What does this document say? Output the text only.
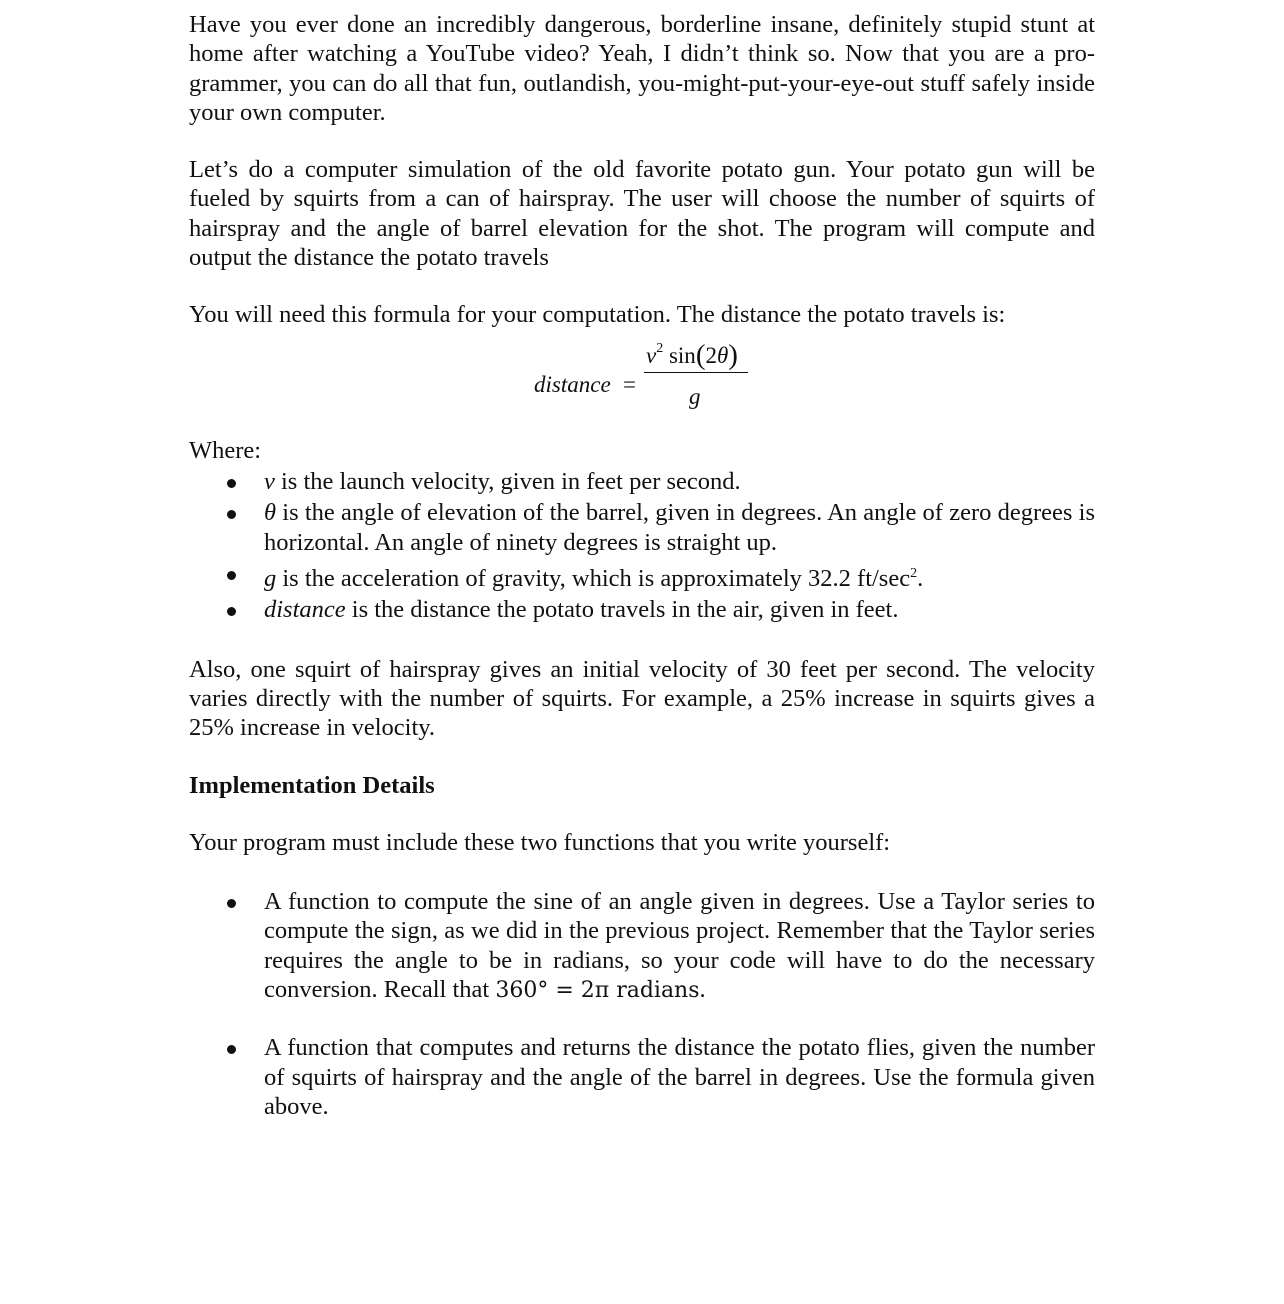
Have you ever done an incredibly dangerous, borderline insane, definitely stupid stunt at home after watching a YouTube video? Yeah, I didn’t think so. Now that you are a programmer, you can do all that fun, outlandish, you-might-put-your-eye-out stuff safely inside your own computer.

Let’s do a computer simulation of the old favorite potato gun. Your potato gun will be fueled by squirts from a can of hairspray. The user will choose the number of squirts of hairspray and the angle of barrel elevation for the shot. The program will compute and output the distance the potato travels

You will need this formula for your computation. The distance the potato travels is:

distance =
$v^2$ sin(2θ)
g

Where:

v is the launch velocity, given in feet per second.
θ is the angle of elevation of the barrel, given in degrees. An angle of zero degrees is horizontal. An angle of ninety degrees is straight up.
g is the acceleration of gravity, which is approximately 32.2 $ft/\sec^2$.
distance is the distance the potato travels in the air, given in feet.

Also, one squirt of hairspray gives an initial velocity of 30 feet per second. The velocity varies directly with the number of squirts. For example, a 25% increase in squirts gives a 25% increase in velocity.

Implementation Details

Your program must include these two functions that you write yourself:

A function to compute the sine of an angle given in degrees. Use a Taylor series to compute the sign, as we did in the previous project. Remember that the Taylor series requires the angle to be in radians, so your code will have to do the necessary conversion. Recall that 360° = 2π radians.
A function that computes and returns the distance the potato flies, given the number of squirts of hairspray and the angle of the barrel in degrees. Use the formula given above.
